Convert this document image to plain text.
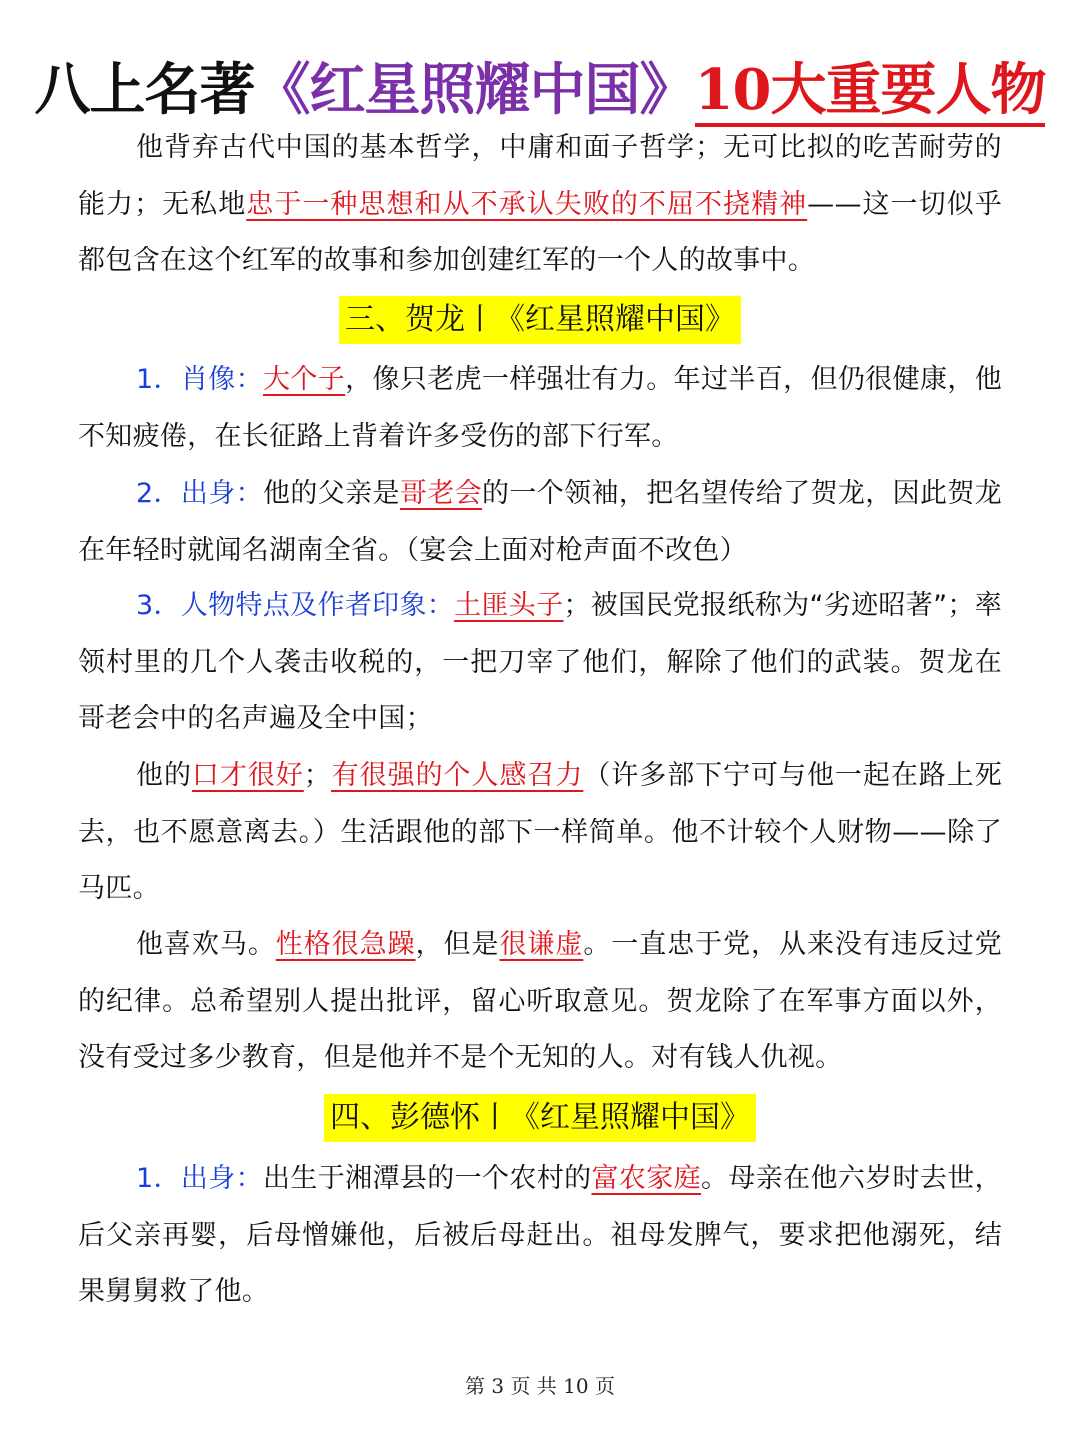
八上名著《红星照耀中国》10大重要人物

他背弃古代中国的基本哲学，中庸和面子哲学；无可比拟的吃苦耐劳的能力；无私地忠于一种思想和从不承认失败的不屈不挠精神——这一切似乎都包含在这个红军的故事和参加创建红军的一个人的故事中。

三、贺龙丨《红星照耀中国》

1．肖像：大个子，像只老虎一样强壮有力。年过半百，但仍很健康，他不知疲倦，在长征路上背着许多受伤的部下行军。

2．出身：他的父亲是哥老会的一个领袖，把名望传给了贺龙，因此贺龙在年轻时就闻名湖南全省。（宴会上面对枪声面不改色）

3．人物特点及作者印象：土匪头子；被国民党报纸称为“劣迹昭著”；率领村里的几个人袭击收税的，一把刀宰了他们，解除了他们的武装。贺龙在哥老会中的名声遍及全中国；

他的口才很好；有很强的个人感召力（许多部下宁可与他一起在路上死去，也不愿意离去。）生活跟他的部下一样简单。他不计较个人财物——除了马匹。

他喜欢马。性格很急躁，但是很谦虚。一直忠于党，从来没有违反过党的纪律。总希望别人提出批评，留心听取意见。贺龙除了在军事方面以外，没有受过多少教育，但是他并不是个无知的人。对有钱人仇视。

四、彭德怀丨《红星照耀中国》

1．出身：出生于湘潭县的一个农村的富农家庭。母亲在他六岁时去世，后父亲再婴，后母憎嫌他，后被后母赶出。祖母发脾气，要求把他溺死，结果舅舅救了他。

第 3 页 共 10 页
